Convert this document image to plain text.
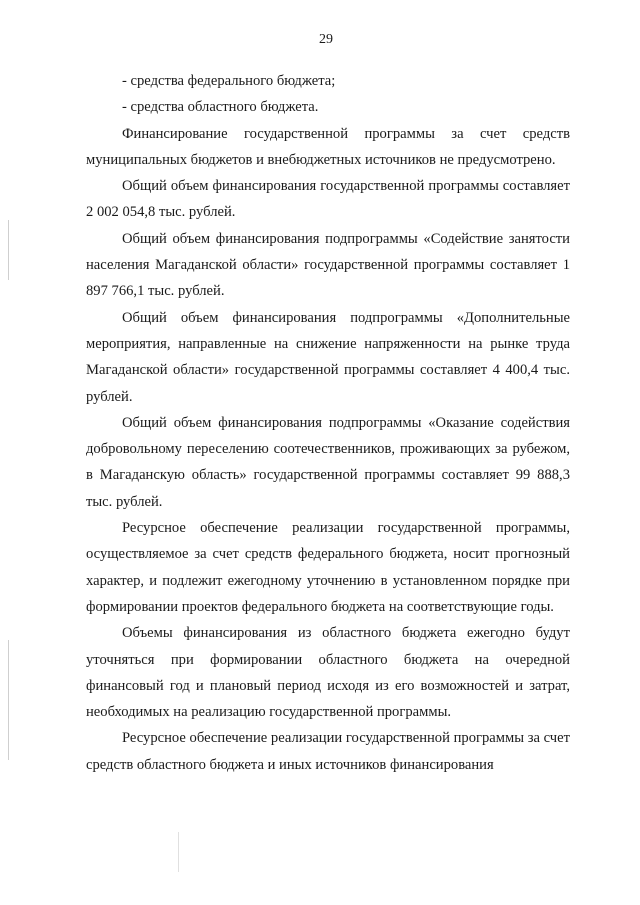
29

- средства федерального бюджета;

- средства областного бюджета.

Финансирование государственной программы за счет средств муниципальных бюджетов и внебюджетных источников не предусмотрено.

Общий объем финансирования государственной программы составляет 2 002 054,8 тыс. рублей.

Общий объем финансирования подпрограммы «Содействие занятости населения Магаданской области» государственной программы составляет 1 897 766,1 тыс. рублей.

Общий объем финансирования подпрограммы «Дополнительные мероприятия, направленные на снижение напряженности на рынке труда Магаданской области» государственной программы составляет 4 400,4 тыс. рублей.

Общий объем финансирования подпрограммы «Оказание содействия добровольному переселению соотечественников, проживающих за рубежом, в Магаданскую область» государственной программы составляет 99 888,3 тыс. рублей.

Ресурсное обеспечение реализации государственной программы, осуществляемое за счет средств федерального бюджета, носит прогнозный характер, и подлежит ежегодному уточнению в установленном порядке при формировании проектов федерального бюджета на соответствующие годы.

Объемы финансирования из областного бюджета ежегодно будут уточняться при формировании областного бюджета на очередной финансовый год и плановый период исходя из его возможностей и затрат, необходимых на реализацию государственной программы.

Ресурсное обеспечение реализации государственной программы за счет средств областного бюджета и иных источников финансирования
